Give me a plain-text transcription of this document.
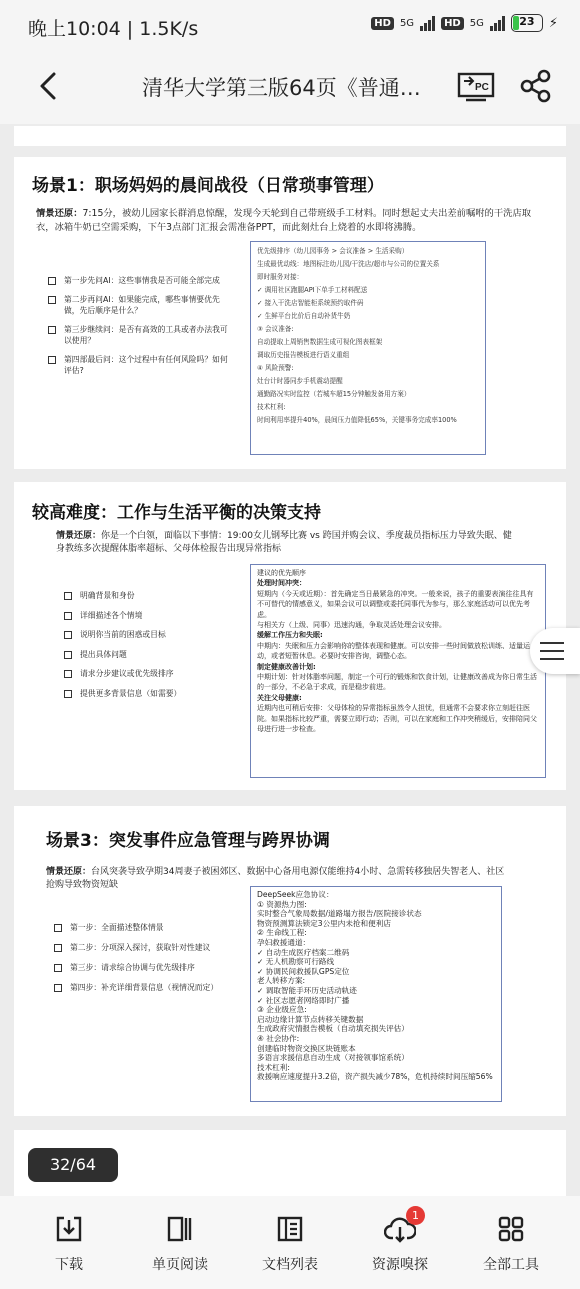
晚上10:04 | 1.5K/s	HD 5G	HD 5G	23	⚡
清华大学第三版64页《普通…	PC
场景1：职场妈妈的晨间战役（日常琐事管理）
情景还原：7:15分，被幼儿园家长群消息惊醒，发现今天轮到自己带班级手工材料。同时想起丈夫出差前嘱咐的干洗店取衣，冰箱牛奶已空需采购，下午3点部门汇报会需准备PPT，而此刻灶台上烧着的水即将沸腾。
第一步先问AI：这些事情我是否可能全部完成
第二步再问AI：如果能完成，哪些事情要优先做，先后顺序是什么？
第三步继续问：是否有高效的工具或者办法我可以使用？
第四部最后问：这个过程中有任何风险吗？如何评估?
优先级排序（幼儿园事务 > 会议准备 > 生活采购）
生成最优动线：地图标注幼儿园/干洗店/超市与公司的位置关系
即时服务对接：
✓ 调用社区跑腿API下单手工材料配送
✓ 接入干洗店智能柜系统预约取件码
✓ 生鲜平台比价后自动补货牛奶
③ 会议准备:
自动提取上周销售数据生成可视化图表框架
调取历史报告模板进行语义重组
④ 风险预警:
灶台计时器同步手机震动提醒
通勤路况实时监控（若城车超15分钟触发备用方案）
技术杠利:
时间利用率提升40%，晨间压力值降低65%，关键事务完成率100%
较高难度：工作与生活平衡的决策支持
情景还原：你是一个白领，面临以下事情：19:00女儿钢琴比赛 vs 跨国并购会议、季度裁员指标压力导致失眠、健身教练多次提醒体脂率超标、父母体检报告出现异常指标
明确背景和身份
详细描述各个情境
说明你当前的困惑或目标
提出具体问题
请求分步建议或优先级排序
提供更多背景信息（如需要）
建议的优先顺序
处理时间冲突：
短期内（今天或近期）：首先确定当日最紧急的冲突。一般来说，孩子的重要表演往往具有不可替代的情感意义，如果会议可以调整或委托同事代为参与，那么家庭活动可以优先考虑。
与相关方（上级、同事）迅速沟通，争取灵活处理会议安排。
缓解工作压力和失眠:
中期内：失眠和压力会影响你的整体表现和健康。可以安排一些时间做放松训练、适量运动，或者短暂休息。必要时安排咨询，调整心态。
制定健康改善计划:
中期计划：针对体脂率问题，制定一个可行的锻炼和饮食计划，让健康改善成为你日常生活的一部分，不必急于求成，而是稳步前进。
关注父母健康:
近期内也可稍后安排：父母体检的异常指标虽然令人担忧，但通常不会要求你立刻赶往医院。如果指标比较严重，需要立即行动；否则，可以在家庭和工作冲突稍缓后，安排陪同父母进行进一步检查。
场景3：突发事件应急管理与跨界协调
情景还原：台风突袭导致孕期34周妻子被困郊区、数据中心备用电源仅能维持4小时、急需转移独居失智老人、社区抢购导致物资短缺
第一步：全面描述整体情景
第二步：分项深入探讨，获取针对性建议
第三步：请求综合协调与优先级排序
第四步：补充详细背景信息（视情况而定）
DeepSeek应急协议：
① 资源热力图:
实时整合气象局数据/道路塌方报告/医院接诊状态
物资预测算法锁定3公里内未抢和便利店
② 生命线工程:
孕妇救援通道：
✓ 自动生成医疗档案二维码
✓ 无人机勘察可行路线
✓ 协调民间救援队GPS定位
老人转移方案:
✓ 调取智能手环历史活动轨迹
✓ 社区志愿者网络即时广播
③ 企业级应急:
启动边缘计算节点转移关键数据
生成政府灾情报告模板（自动填充损失评估）
④ 社会协作:
创建临时物资交换区块链账本
多语言求援信息自动生成（对接领事馆系统）
技术杠利:
救援响应速度提升3.2倍，资产损失减少78%，危机持续时间压缩56%
32/64
下载	单页阅读	文档列表
1
资源嗅探	全部工具
